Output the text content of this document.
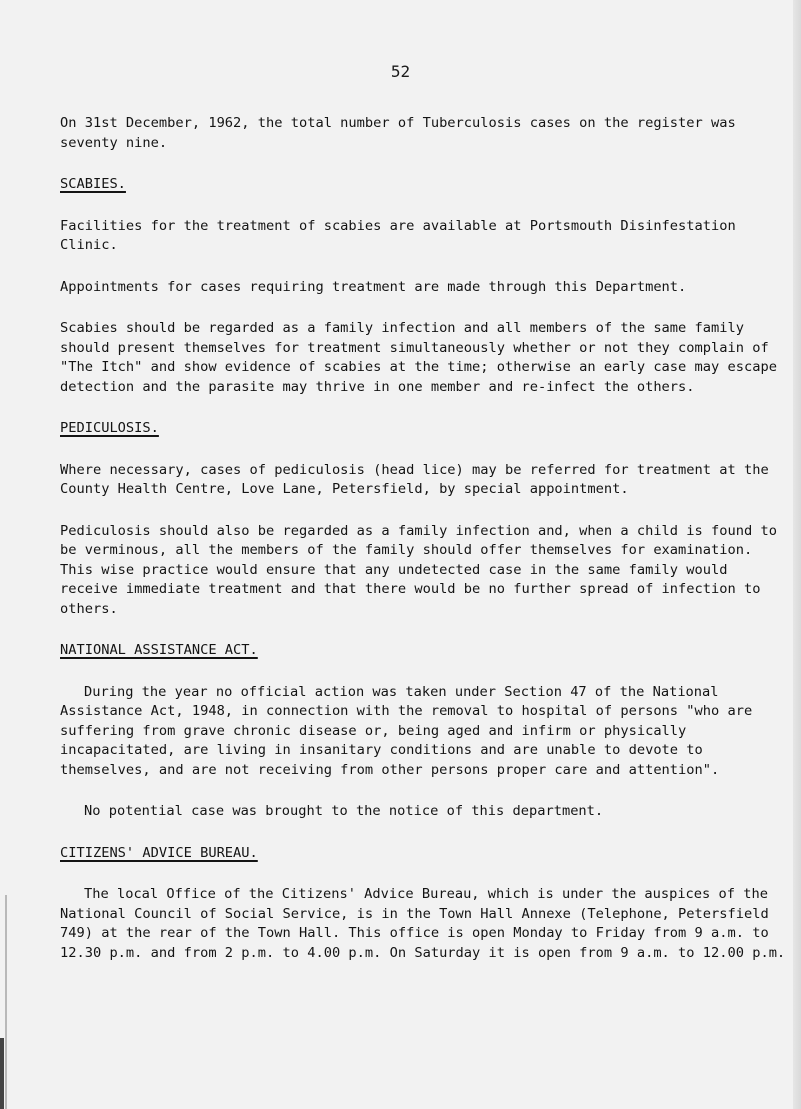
52

On 31st December, 1962, the total number of Tuberculosis cases on the register was seventy nine.

SCABIES.

Facilities for the treatment of scabies are available at Portsmouth Disinfestation Clinic.

Appointments for cases requiring treatment are made through this Department.

Scabies should be regarded as a family infection and all members of the same family should present themselves for treatment simultaneously whether or not they complain of "The Itch" and show evidence of scabies at the time; otherwise an early case may escape detection and the parasite may thrive in one member and re-infect the others.

PEDICULOSIS.

Where necessary, cases of pediculosis (head lice) may be referred for treatment at the County Health Centre, Love Lane, Petersfield, by special appointment.

Pediculosis should also be regarded as a family infection and, when a child is found to be verminous, all the members of the family should offer themselves for examination. This wise practice would ensure that any undetected case in the same family would receive immediate treatment and that there would be no further spread of infection to others.

NATIONAL ASSISTANCE ACT.

During the year no official action was taken under Section 47 of the National Assistance Act, 1948, in connection with the removal to hospital of persons "who are suffering from grave chronic disease or, being aged and infirm or physically incapacitated, are living in insanitary conditions and are unable to devote to themselves, and are not receiving from other persons proper care and attention".

No potential case was brought to the notice of this department.

CITIZENS' ADVICE BUREAU.

The local Office of the Citizens' Advice Bureau, which is under the auspices of the National Council of Social Service, is in the Town Hall Annexe (Telephone, Petersfield 749) at the rear of the Town Hall. This office is open Monday to Friday from 9 a.m. to 12.30 p.m. and from 2 p.m. to 4.00 p.m. On Saturday it is open from 9 a.m. to 12.00 p.m.
